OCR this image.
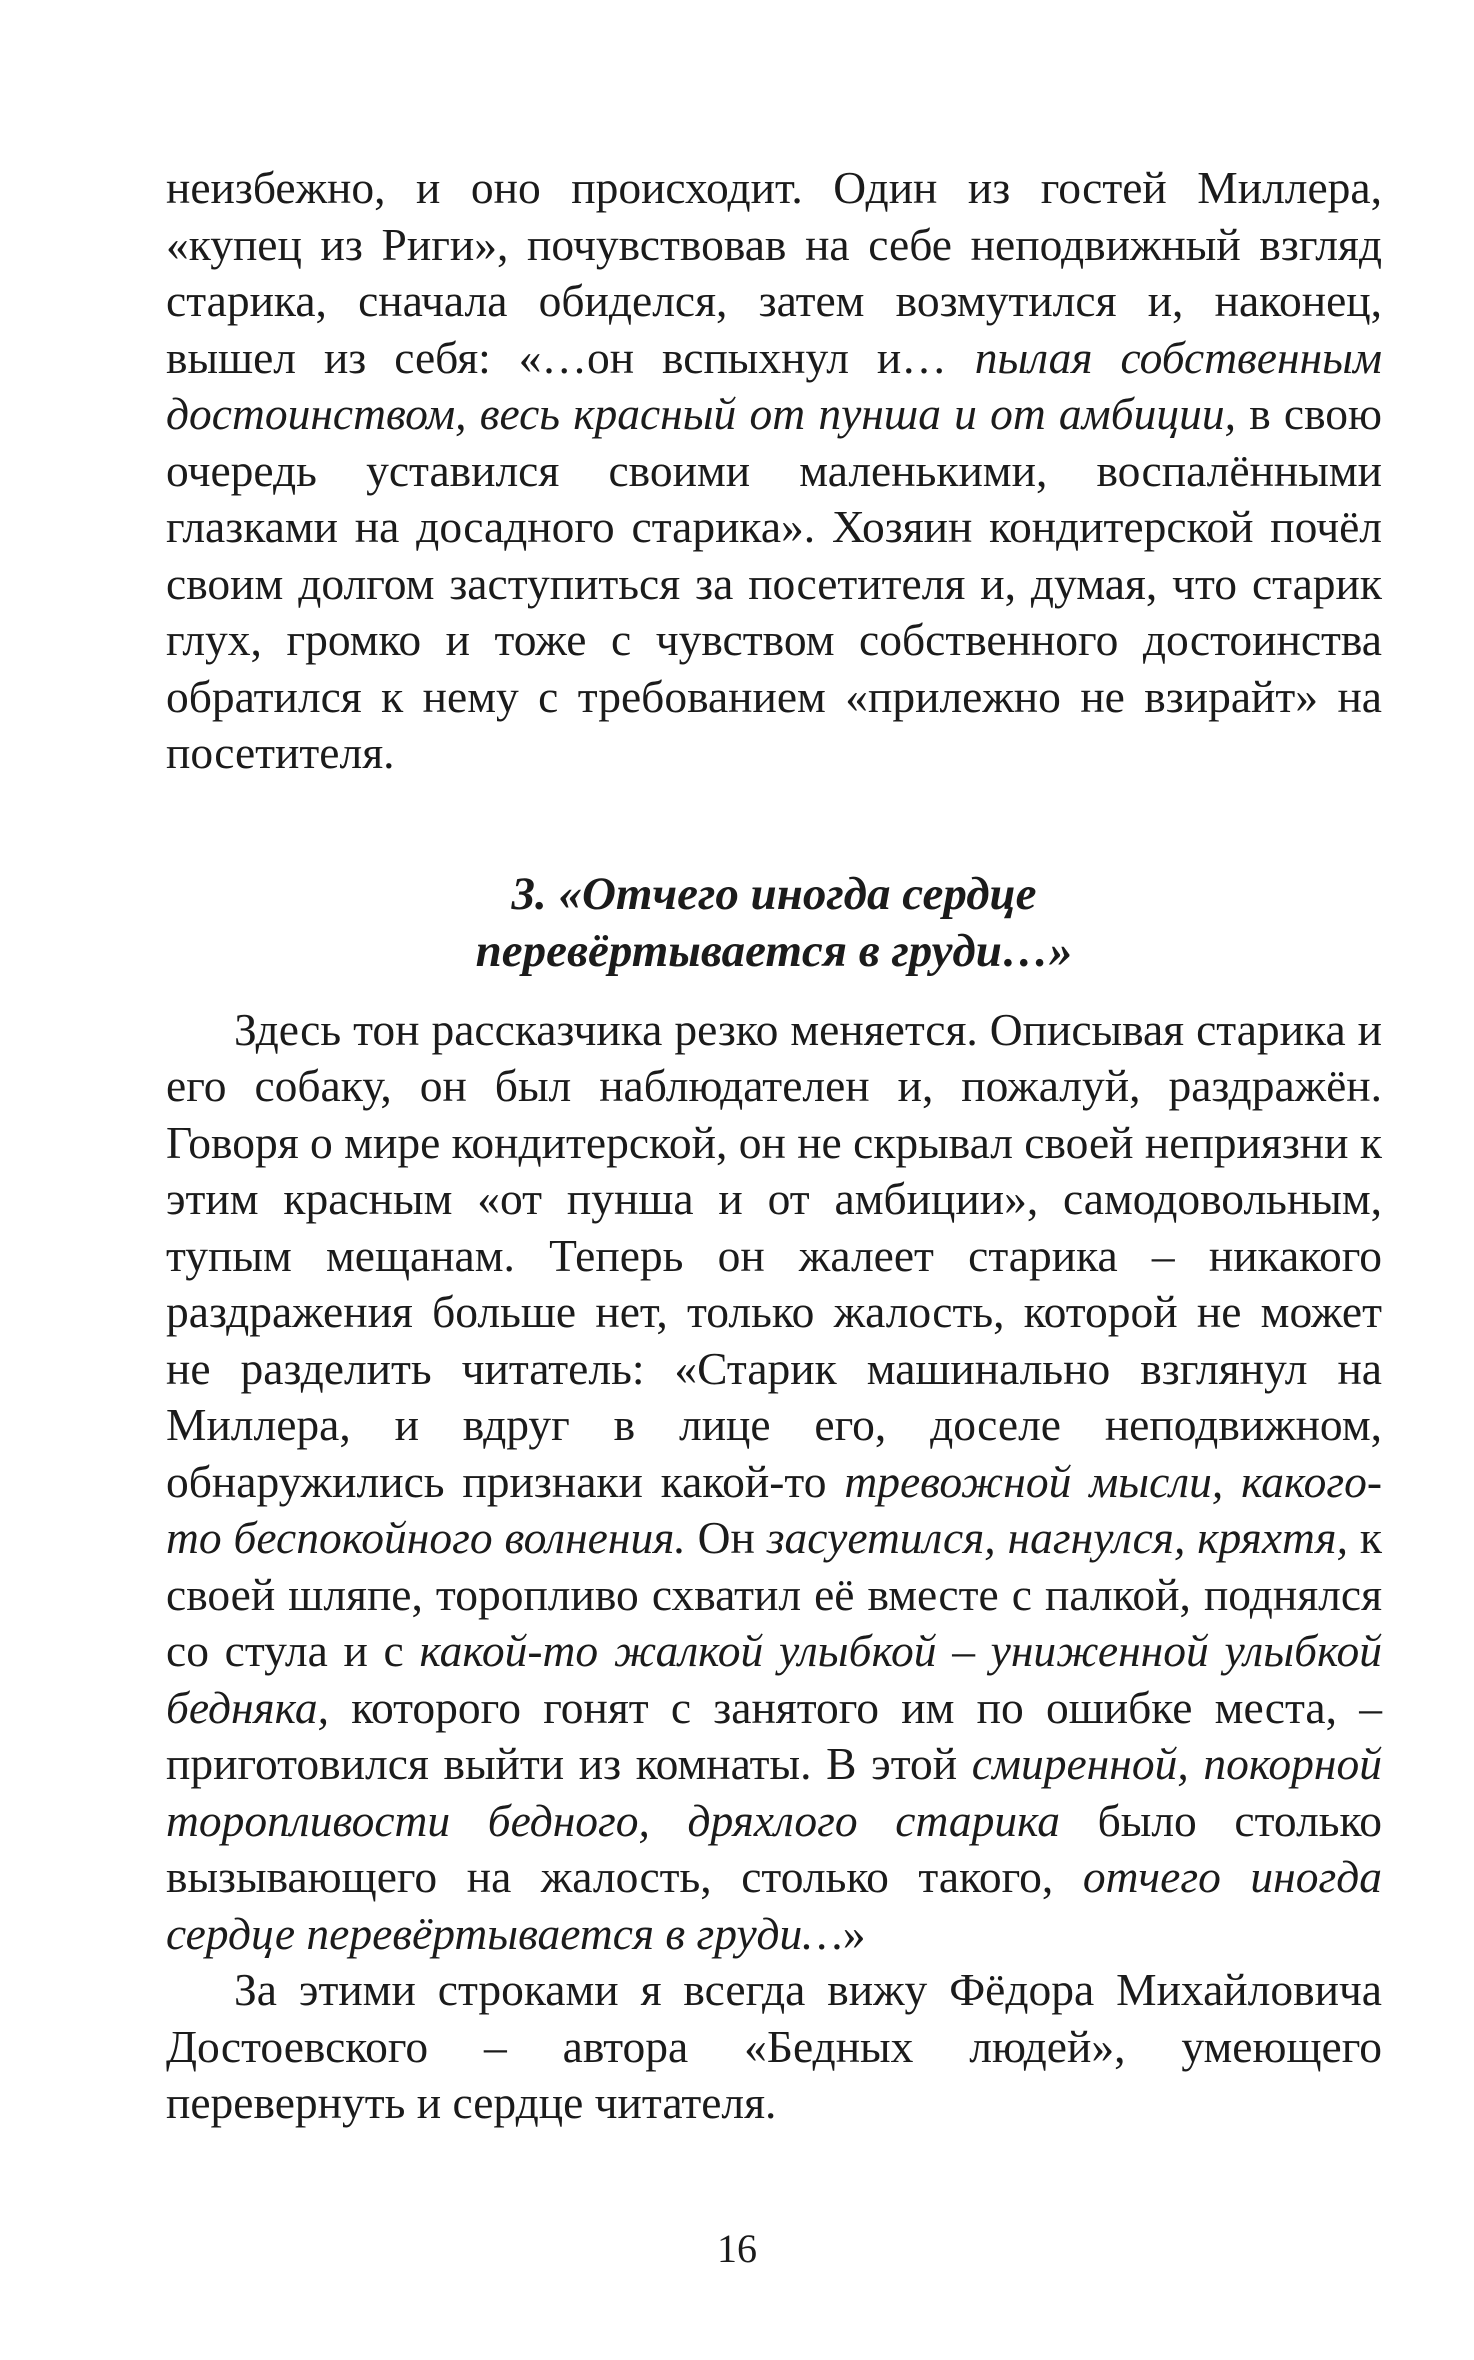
неизбежно, и оно происходит. Один из гостей Миллера, «купец из Риги», почувствовав на себе неподвижный взгляд старика, сначала обиделся, затем возмутился и, наконец, вышел из себя: «…он вспыхнул и… пылая собственным достоинством, весь красный от пунша и от амбиции, в свою очередь уставился своими маленькими, воспалёнными глазками на досадного старика». Хозяин кондитерской почёл своим долгом заступиться за посетителя и, думая, что старик глух, громко и тоже с чувством собственного достоинства обратился к нему с требованием «прилежно не взирайт» на посетителя.

3. «Отчего иногда сердце
перевёртывается в груди…»

Здесь тон рассказчика резко меняется. Описывая старика и его собаку, он был наблюдателен и, пожалуй, раздражён. Говоря о мире кондитерской, он не скрывал своей неприязни к этим красным «от пунша и от амбиции», самодовольным, тупым мещанам. Теперь он жалеет старика – никакого раздражения больше нет, только жалость, которой не может не разделить читатель: «Старик машинально взглянул на Миллера, и вдруг в лице его, доселе неподвижном, обнаружились признаки какой-то тревожной мысли, какого-то беспокойного волнения. Он засуетился, нагнулся, кряхтя, к своей шляпе, торопливо схватил её вместе с палкой, поднялся со стула и с какой-то жалкой улыбкой – униженной улыбкой бедняка, которого гонят с занятого им по ошибке места, – приготовился выйти из комнаты. В этой смиренной, покорной торопливости бедного, дряхлого старика было столько вызывающего на жалость, столько такого, отчего иногда сердце перевёртывается в груди…»

За этими строками я всегда вижу Фёдора Михайловича Достоевского – автора «Бедных людей», умеющего перевернуть и сердце читателя.

16
